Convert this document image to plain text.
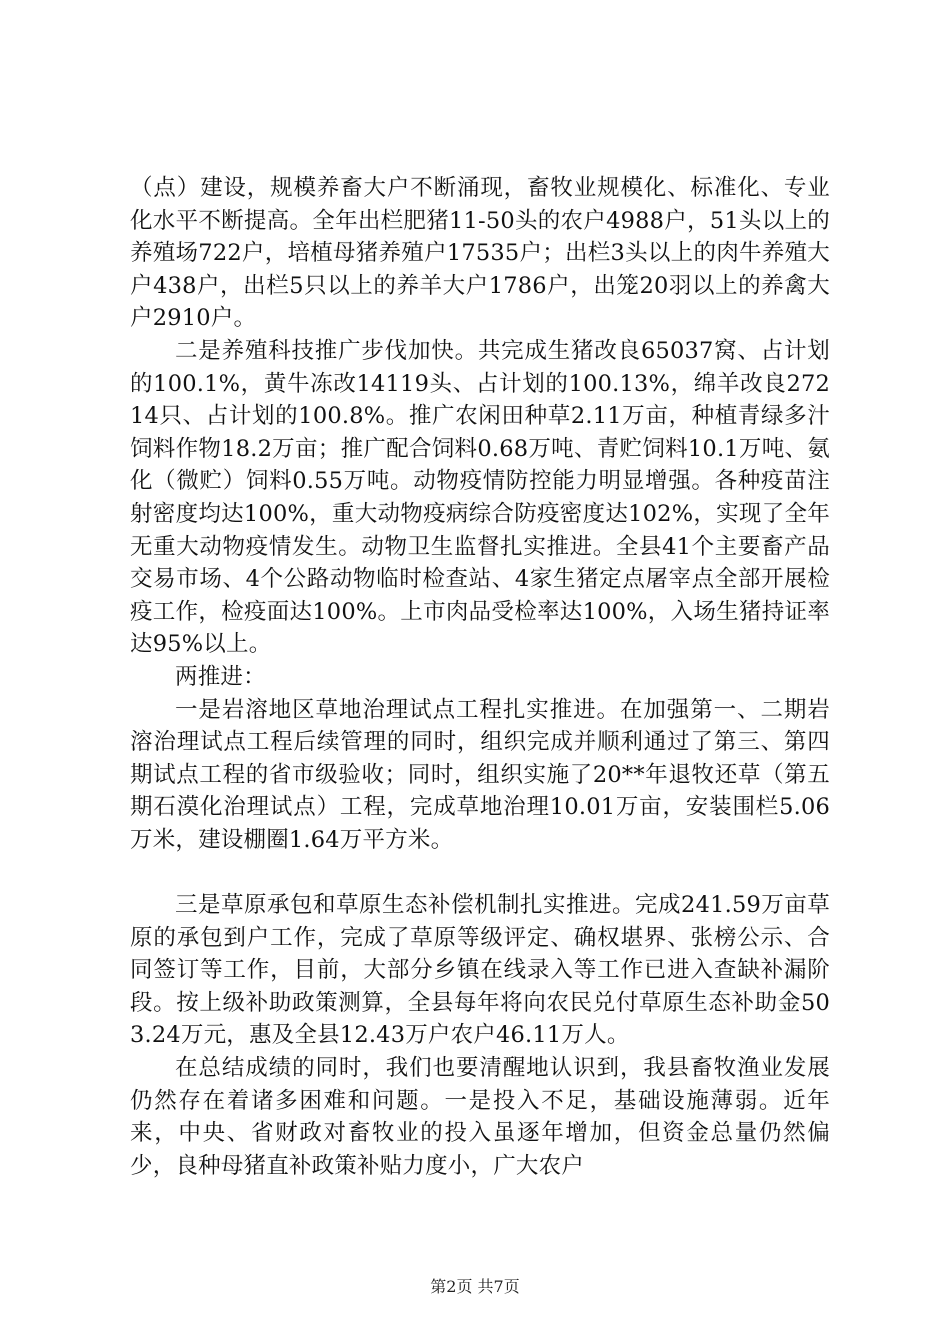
（点）建设，规模养畜大户不断涌现，畜牧业规模化、标准化、专业化水平不断提高。全年出栏肥猪11-50头的农户4988户，51头以上的养殖场722户，培植母猪养殖户17535户；出栏3头以上的肉牛养殖大户438户，出栏5只以上的养羊大户1786户，出笼20羽以上的养禽大户2910户。

二是养殖科技推广步伐加快。共完成生猪改良65037窝、占计划的100.1%，黄牛冻改14119头、占计划的100.13%，绵羊改良27214只、占计划的100.8%。推广农闲田种草2.11万亩，种植青绿多汁饲料作物18.2万亩；推广配合饲料0.68万吨、青贮饲料10.1万吨、氨化（微贮）饲料0.55万吨。动物疫情防控能力明显增强。各种疫苗注射密度均达100%，重大动物疫病综合防疫密度达102%，实现了全年无重大动物疫情发生。动物卫生监督扎实推进。全县41个主要畜产品交易市场、4个公路动物临时检查站、4家生猪定点屠宰点全部开展检疫工作，检疫面达100%。上市肉品受检率达100%，入场生猪持证率达95%以上。

两推进：

一是岩溶地区草地治理试点工程扎实推进。在加强第一、二期岩溶治理试点工程后续管理的同时，组织完成并顺利通过了第三、第四期试点工程的省市级验收；同时，组织实施了20**年退牧还草（第五期石漠化治理试点）工程，完成草地治理10.01万亩，安装围栏5.06万米，建设棚圈1.64万平方米。

三是草原承包和草原生态补偿机制扎实推进。完成241.59万亩草原的承包到户工作，完成了草原等级评定、确权堪界、张榜公示、合同签订等工作，目前，大部分乡镇在线录入等工作已进入查缺补漏阶段。按上级补助政策测算，全县每年将向农民兑付草原生态补助金503.24万元，惠及全县12.43万户农户46.11万人。

在总结成绩的同时，我们也要清醒地认识到，我县畜牧渔业发展仍然存在着诸多困难和问题。一是投入不足，基础设施薄弱。近年来，中央、省财政对畜牧业的投入虽逐年增加，但资金总量仍然偏少，良种母猪直补政策补贴力度小，广大农户

第2页 共7页
